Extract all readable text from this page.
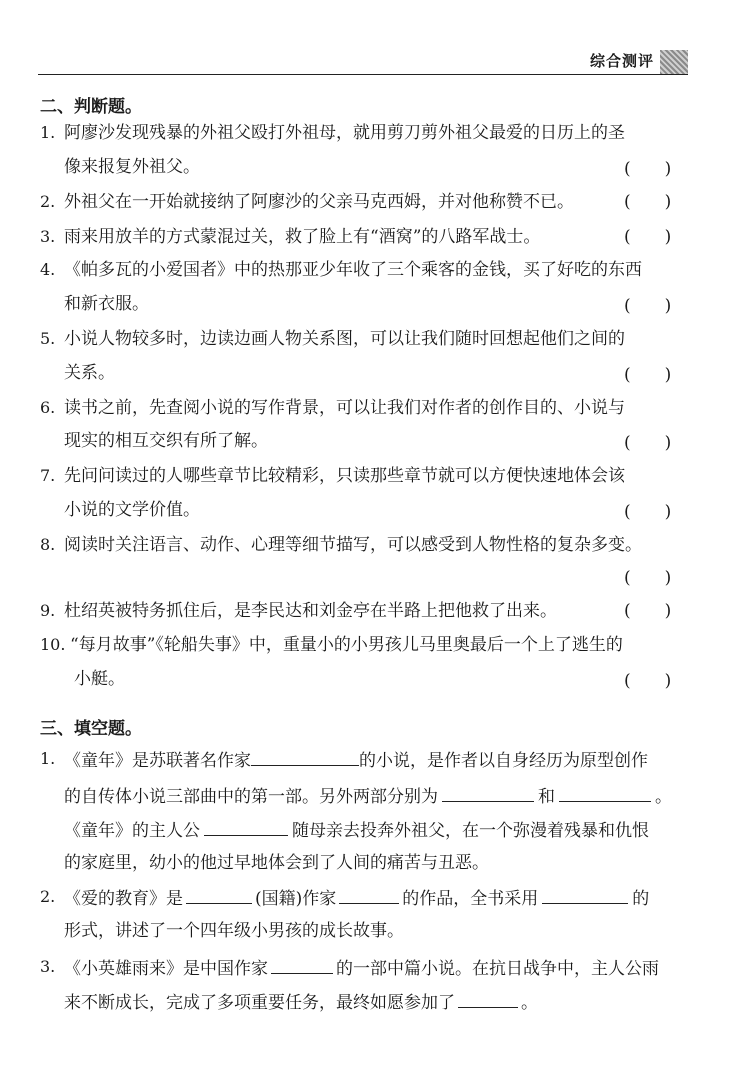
综合测评
二、判断题。
1. 阿廖沙发现残暴的外祖父殴打外祖母，就用剪刀剪外祖父最爱的日历上的圣
像来报复外祖父。	(　　)
2. 外祖父在一开始就接纳了阿廖沙的父亲马克西姆，并对他称赞不已。	(　　)
3. 雨来用放羊的方式蒙混过关，救了脸上有“酒窝”的八路军战士。	(　　)
4. 《帕多瓦的小爱国者》中的热那亚少年收了三个乘客的金钱，买了好吃的东西
和新衣服。	(　　)
5. 小说人物较多时，边读边画人物关系图，可以让我们随时回想起他们之间的
关系。	(　　)
6. 读书之前，先查阅小说的写作背景，可以让我们对作者的创作目的、小说与
现实的相互交织有所了解。	(　　)
7. 先问问读过的人哪些章节比较精彩，只读那些章节就可以方便快速地体会该
小说的文学价值。	(　　)
8. 阅读时关注语言、动作、心理等细节描写，可以感受到人物性格的复杂多变。
(　　)
9. 杜绍英被特务抓住后，是李民达和刘金亭在半路上把他救了出来。	(　　)
10. “每月故事”《轮船失事》中，重量小的小男孩儿马里奥最后一个上了逃生的
小艇。	(　　)
三、填空题。
1. 《童年》是苏联著名作家	的小说，是作者以自身经历为原型创作
的自传体小说三部曲中的第一部。另外两部分别为	和	。
《童年》的主人公	随母亲去投奔外祖父，在一个弥漫着残暴和仇恨
的家庭里，幼小的他过早地体会到了人间的痛苦与丑恶。
2. 《爱的教育》是	(国籍)作家	的作品，全书采用	的
形式，讲述了一个四年级小男孩的成长故事。
3. 《小英雄雨来》是中国作家	的一部中篇小说。在抗日战争中，主人公雨
来不断成长，完成了多项重要任务，最终如愿参加了	。
